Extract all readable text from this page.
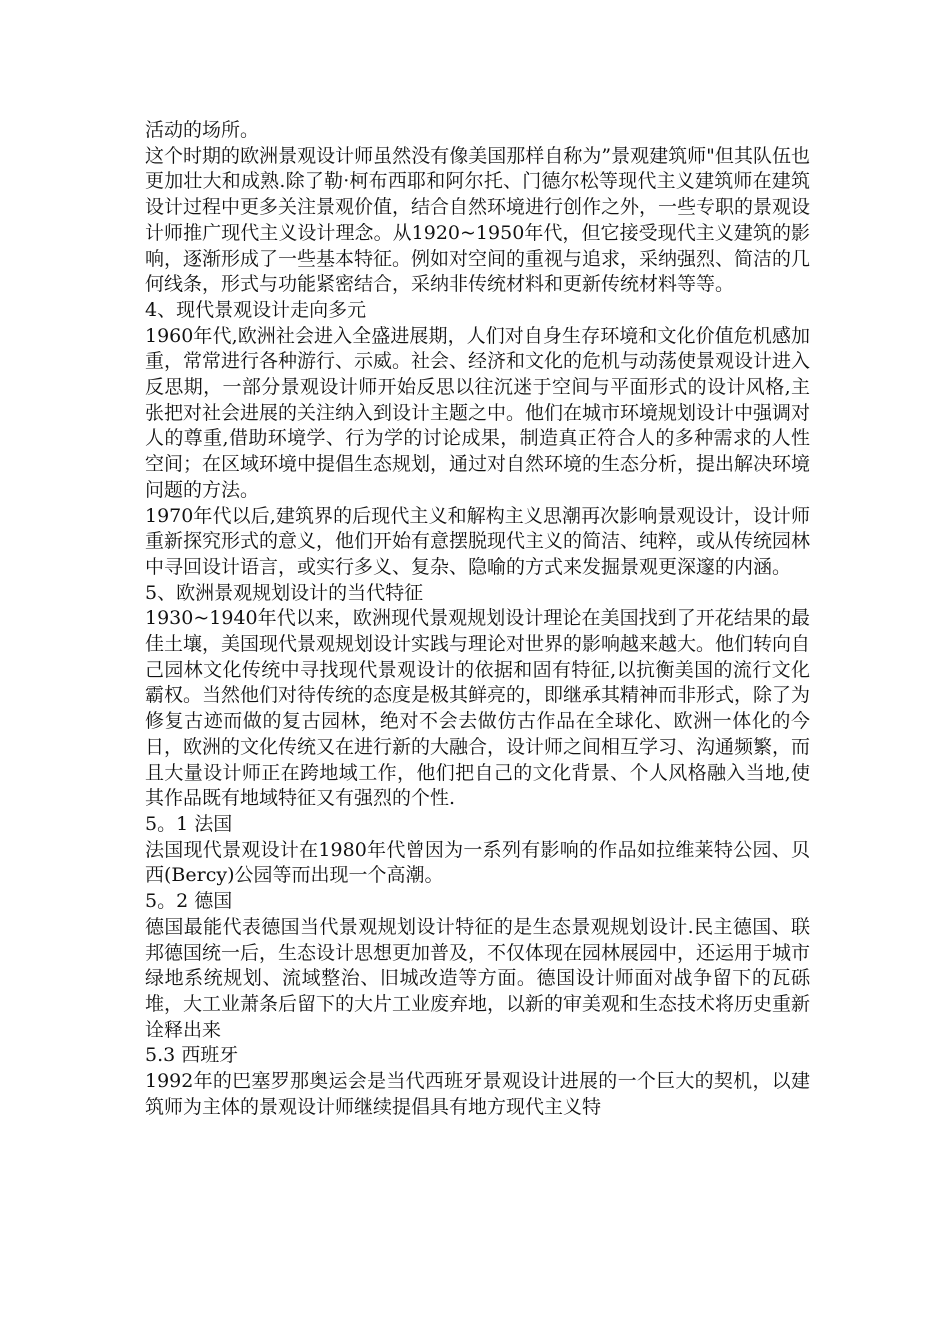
活动的场所。

这个时期的欧洲景观设计师虽然没有像美国那样自称为”景观建筑师"但其队伍也更加壮大和成熟.除了勒·柯布西耶和阿尔托、门德尔松等现代主义建筑师在建筑设计过程中更多关注景观价值，结合自然环境进行创作之外，一些专职的景观设计师推广现代主义设计理念。从1920~1950年代，但它接受现代主义建筑的影响，逐渐形成了一些基本特征。例如对空间的重视与追求，采纳强烈、简洁的几何线条，形式与功能紧密结合，采纳非传统材料和更新传统材料等等。

4、现代景观设计走向多元

1960年代,欧洲社会进入全盛进展期，人们对自身生存环境和文化价值危机感加重，常常进行各种游行、示威。社会、经济和文化的危机与动荡使景观设计进入反思期，一部分景观设计师开始反思以往沉迷于空间与平面形式的设计风格,主张把对社会进展的关注纳入到设计主题之中。他们在城市环境规划设计中强调对人的尊重,借助环境学、行为学的讨论成果，制造真正符合人的多种需求的人性空间；在区域环境中提倡生态规划，通过对自然环境的生态分析，提出解决环境问题的方法。

1970年代以后,建筑界的后现代主义和解构主义思潮再次影响景观设计，设计师重新探究形式的意义，他们开始有意摆脱现代主义的简洁、纯粹，或从传统园林中寻回设计语言，或实行多义、复杂、隐喻的方式来发掘景观更深邃的内涵。

5、欧洲景观规划设计的当代特征

1930~1940年代以来，欧洲现代景观规划设计理论在美国找到了开花结果的最佳土壤，美国现代景观规划设计实践与理论对世界的影响越来越大。他们转向自己园林文化传统中寻找现代景观设计的依据和固有特征,以抗衡美国的流行文化霸权。当然他们对待传统的态度是极其鲜亮的，即继承其精神而非形式，除了为修复古迹而做的复古园林，绝对不会去做仿古作品在全球化、欧洲一体化的今日，欧洲的文化传统又在进行新的大融合，设计师之间相互学习、沟通频繁，而且大量设计师正在跨地域工作，他们把自己的文化背景、个人风格融入当地,使其作品既有地域特征又有强烈的个性.

5。1 法国

法国现代景观设计在1980年代曾因为一系列有影响的作品如拉维莱特公园、贝西(Bercy)公园等而出现一个高潮。

5。2 德国

德国最能代表德国当代景观规划设计特征的是生态景观规划设计.民主德国、联邦德国统一后，生态设计思想更加普及，不仅体现在园林展园中，还运用于城市绿地系统规划、流域整治、旧城改造等方面。德国设计师面对战争留下的瓦砾堆，大工业萧条后留下的大片工业废弃地，以新的审美观和生态技术将历史重新诠释出来

5.3 西班牙

1992年的巴塞罗那奥运会是当代西班牙景观设计进展的一个巨大的契机，以建筑师为主体的景观设计师继续提倡具有地方现代主义特
